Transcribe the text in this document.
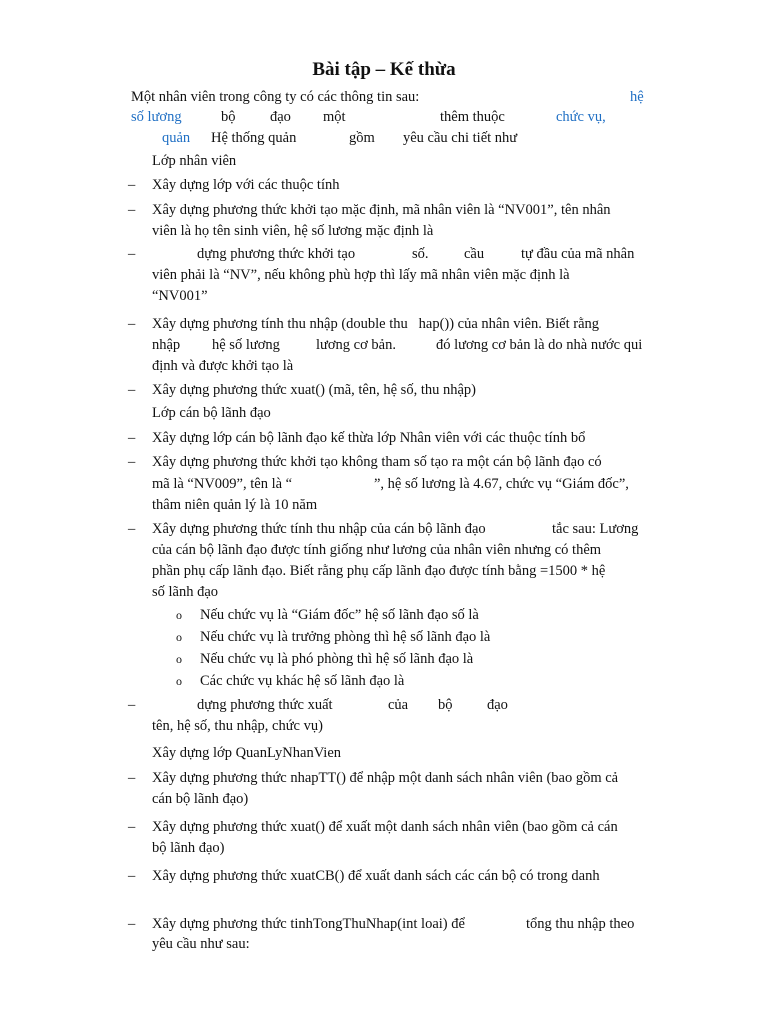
Bài tập – Kế thừa
Một nhân viên trong công ty có các thông tin sau:	hệ
số lương	bộ đạo một	thêm thuộc	chức vụ,
quản Hệ thống quản	gồm yêu cầu chi tiết như
Lớp nhân viên
– Xây dựng lớp với các thuộc tính
– Xây dựng phương thức khởi tạo mặc định, mã nhân viên là “NV001”, tên nhân
viên là họ tên sinh viên, hệ số lương mặc định là
–	dựng phương thức khởi tạo	số. cầu	tự đầu của mã nhân
viên phải là “NV”, nếu không phù hợp thì lấy mã nhân viên mặc định là
“NV001”
– Xây dựng phương tính thu nhập (double thu   hap()) của nhân viên. Biết rằng
nhập hệ số lương lương cơ bản.	đó lương cơ bản là do nhà nước qui
định và được khởi tạo là
– Xây dựng phương thức xuat() (mã, tên, hệ số, thu nhập)
Lớp cán bộ lãnh đạo
– Xây dựng lớp cán bộ lãnh đạo kế thừa lớp Nhân viên với các thuộc tính bổ
– Xây dựng phương thức khởi tạo không tham số tạo ra một cán bộ lãnh đạo có
mã là “NV009”, tên là “	”, hệ số lương là 4.67, chức vụ “Giám đốc”,
thâm niên quản lý là 10 năm
– Xây dựng phương thức tính thu nhập của cán bộ lãnh đạo	tắc sau: Lương
của cán bộ lãnh đạo được tính giống như lương của nhân viên nhưng có thêm
phần phụ cấp lãnh đạo. Biết rằng phụ cấp lãnh đạo được tính bằng =1500 * hệ
số lãnh đạo
o Nếu chức vụ là “Giám đốc” hệ số lãnh đạo số là
o Nếu chức vụ là trưởng phòng thì hệ số lãnh đạo là
o Nếu chức vụ là phó phòng thì hệ số lãnh đạo là
o Các chức vụ khác hệ số lãnh đạo là
–	dựng phương thức xuất	của bộ đạo
tên, hệ số, thu nhập, chức vụ)
Xây dựng lớp QuanLyNhanVien
– Xây dựng phương thức nhapTT() để nhập một danh sách nhân viên (bao gồm cả
cán bộ lãnh đạo)
– Xây dựng phương thức xuat() để xuất một danh sách nhân viên (bao gồm cả cán
bộ lãnh đạo)
– Xây dựng phương thức xuatCB() để xuất danh sách các cán bộ có trong danh
– Xây dựng phương thức tinhTongThuNhap(int loai) để	tổng thu nhập theo
yêu cầu như sau:
